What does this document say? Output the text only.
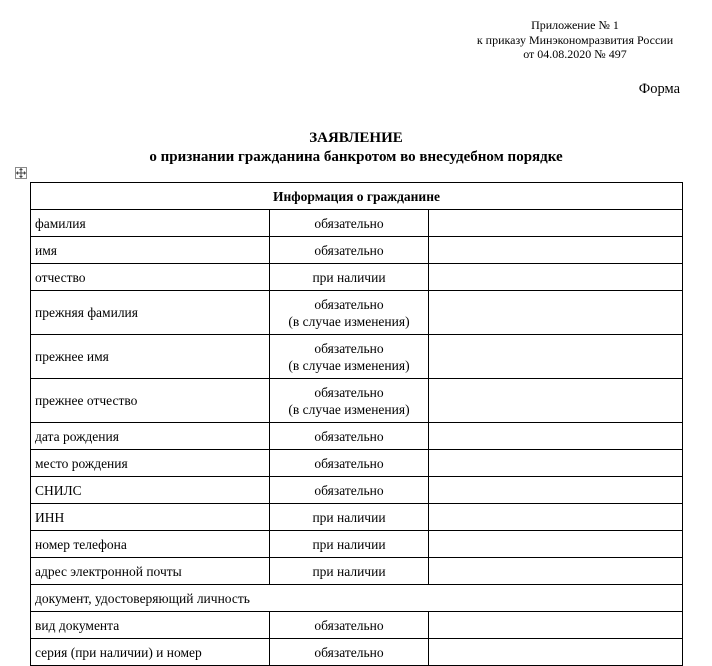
Приложение № 1
к приказу Минэкономразвития России
от 04.08.2020 № 497
Форма
ЗАЯВЛЕНИЕ
о признании гражданина банкротом во внесудебном порядке
Информация о гражданине		
фамилия	обязательно	
имя	обязательно	
отчество	при наличии	
прежняя фамилия	обязательно
(в случае изменения)	

прежнее имя	обязательно
(в случае изменения)	

прежнее отчество	обязательно
(в случае изменения)	

дата рождения	обязательно	
место рождения	обязательно	
СНИЛС	обязательно	
ИНН	при наличии	
номер телефона	при наличии	
адрес электронной почты	при наличии	
документ, удостоверяющий личность		
вид документа	обязательно	
серия (при наличии) и номер	обязательно	
